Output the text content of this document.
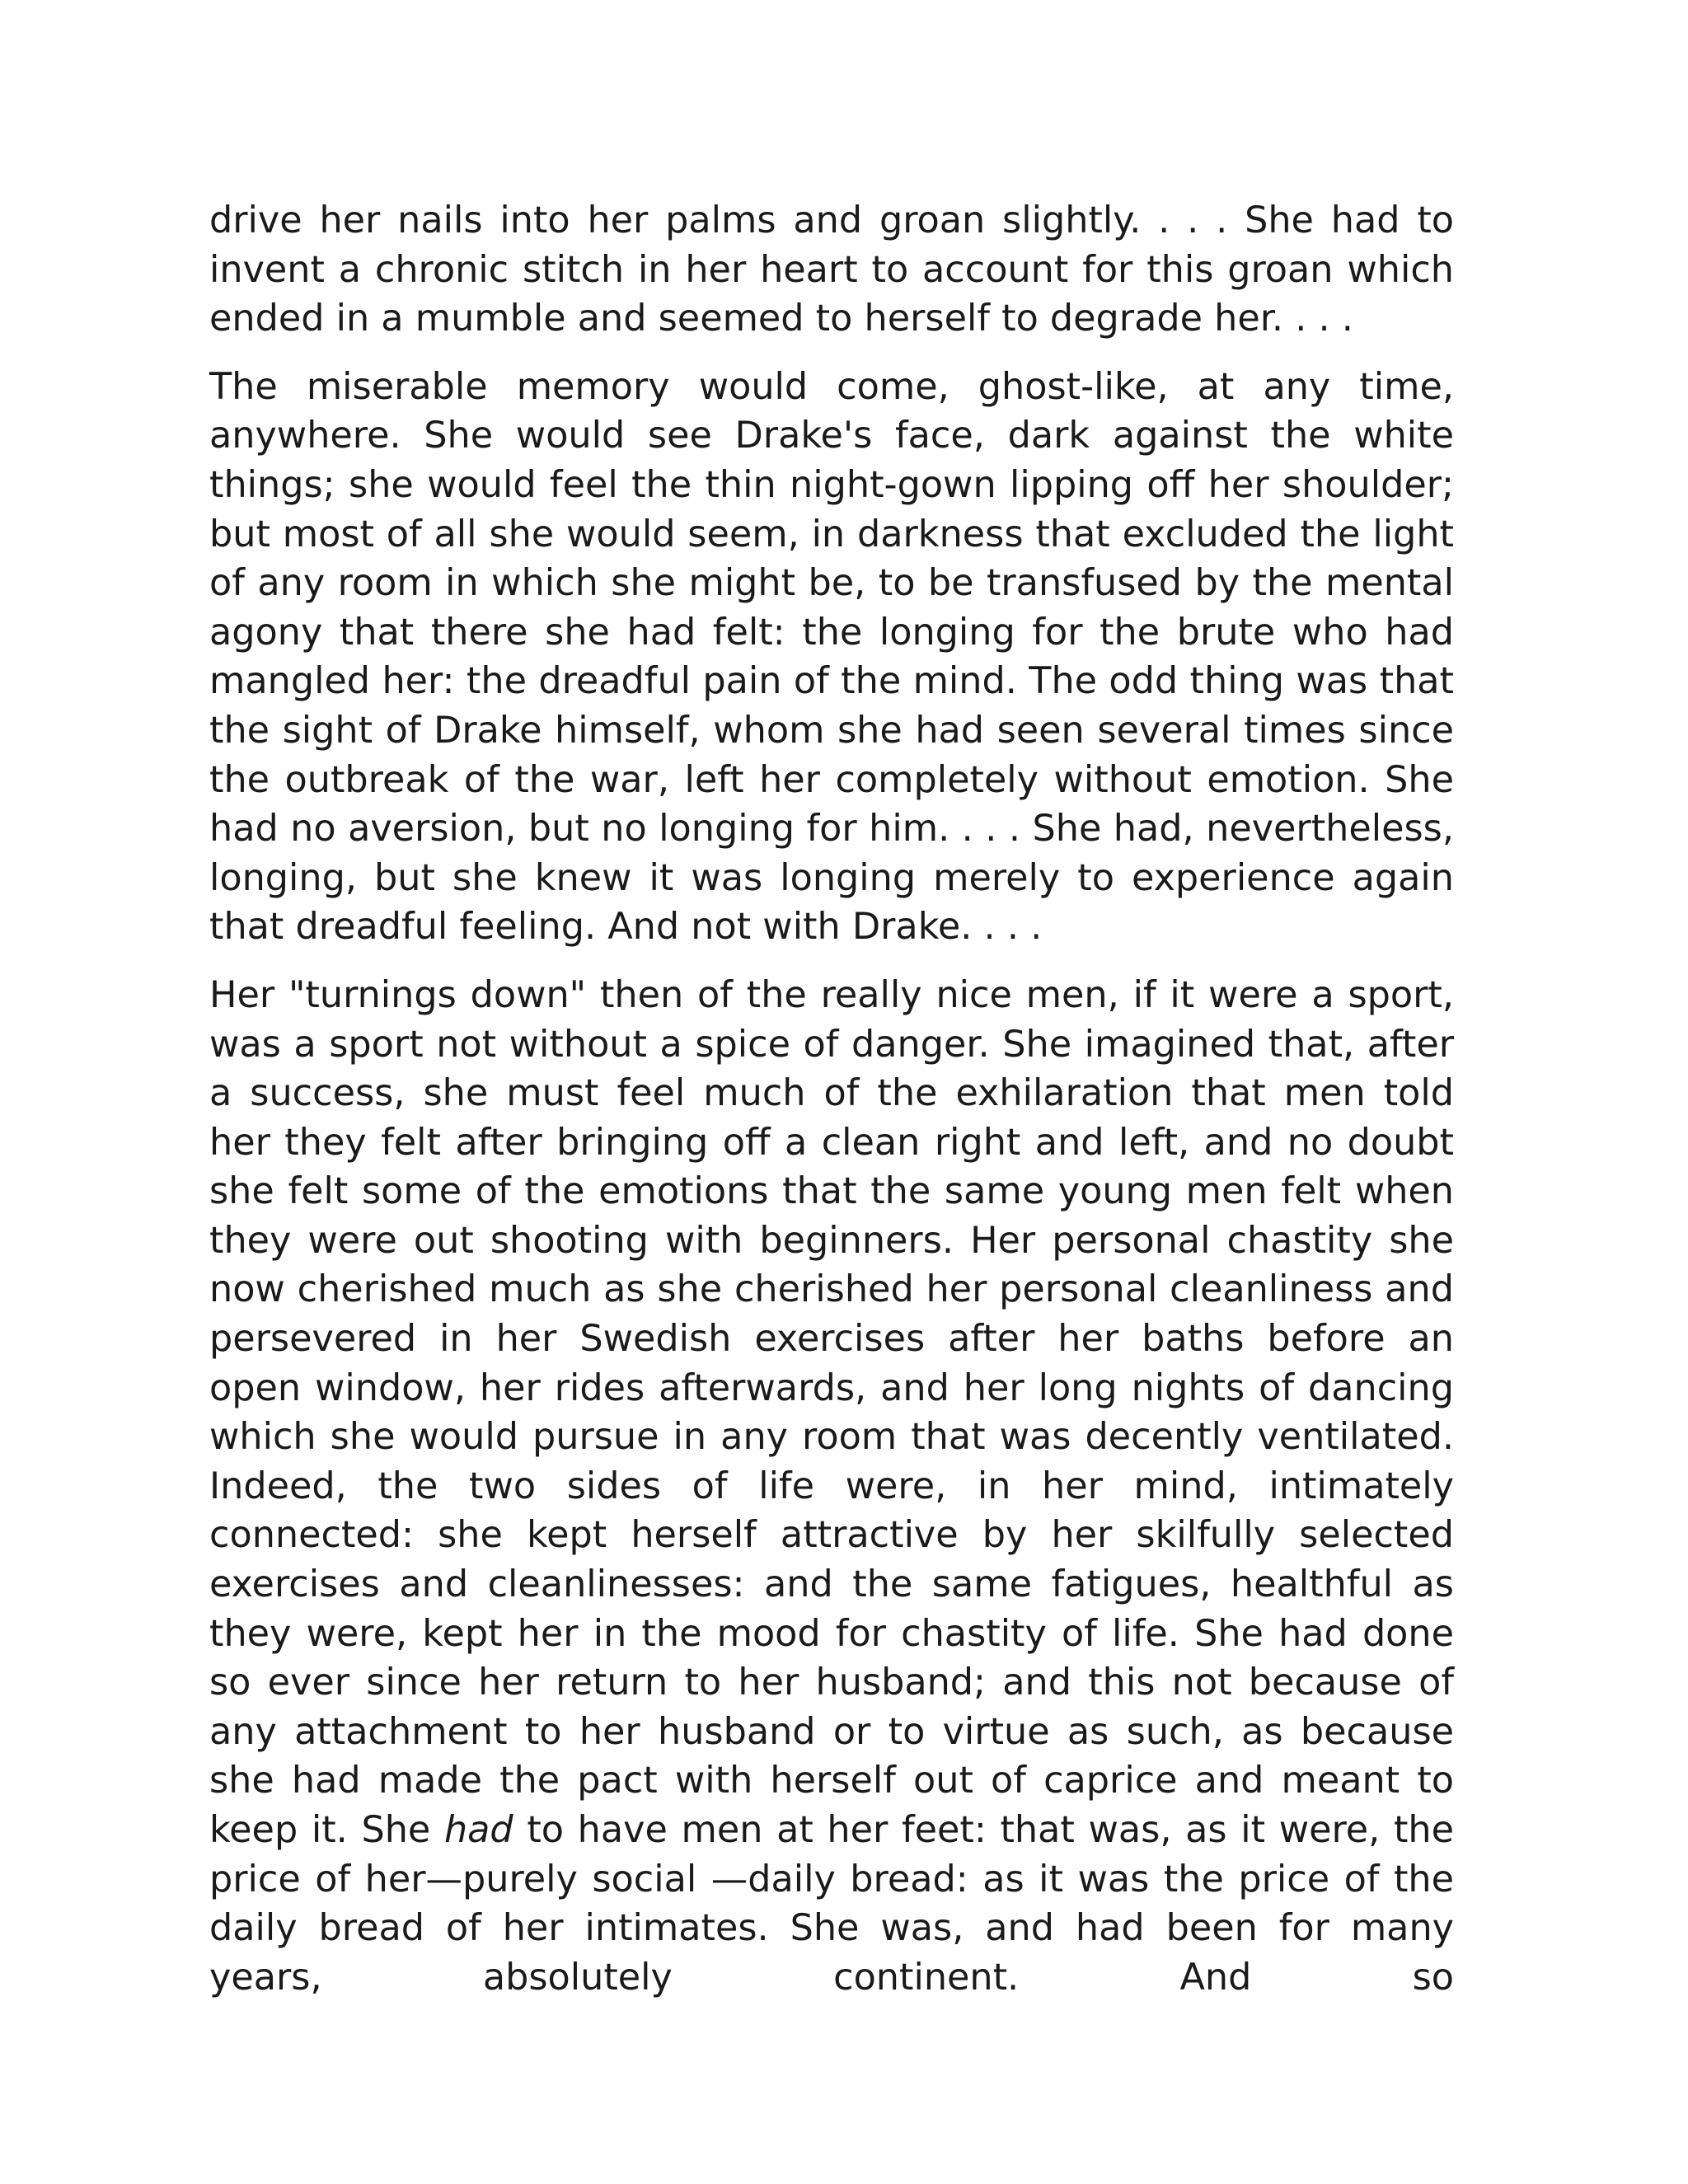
drive her nails into her palms and groan slightly. . . . She had to invent a chronic stitch in her heart to account for this groan which ended in a mumble and seemed to herself to degrade her. . . .

The miserable memory would come, ghost-like, at any time, anywhere. She would see Drake's face, dark against the white things; she would feel the thin night-gown lipping off her shoulder; but most of all she would seem, in darkness that excluded the light of any room in which she might be, to be transfused by the mental agony that there she had felt: the longing for the brute who had mangled her: the dreadful pain of the mind. The odd thing was that the sight of Drake himself, whom she had seen several times since the outbreak of the war, left her completely without emotion. She had no aversion, but no longing for him. . . . She had, nevertheless, longing, but she knew it was longing merely to experience again that dreadful feeling. And not with Drake. . . .

Her "turnings down" then of the really nice men, if it were a sport, was a sport not without a spice of danger. She imagined that, after a success, she must feel much of the exhilaration that men told her they felt after bringing off a clean right and left, and no doubt she felt some of the emotions that the same young men felt when they were out shooting with beginners. Her personal chastity she now cherished much as she cherished her personal cleanliness and persevered in her Swedish exercises after her baths before an open window, her rides afterwards, and her long nights of dancing which she would pursue in any room that was decently ventilated. Indeed, the two sides of life were, in her mind, intimately connected: she kept herself attractive by her skilfully selected exercises and cleanlinesses: and the same fatigues, healthful as they were, kept her in the mood for chastity of life. She had done so ever since her return to her husband; and this not because of any attachment to her husband or to virtue as such, as because she had made the pact with herself out of caprice and meant to keep it. She had to have men at her feet: that was, as it were, the price of her—purely social —daily bread: as it was the price of the daily bread of her intimates. She was, and had been for many years, absolutely continent. And so
